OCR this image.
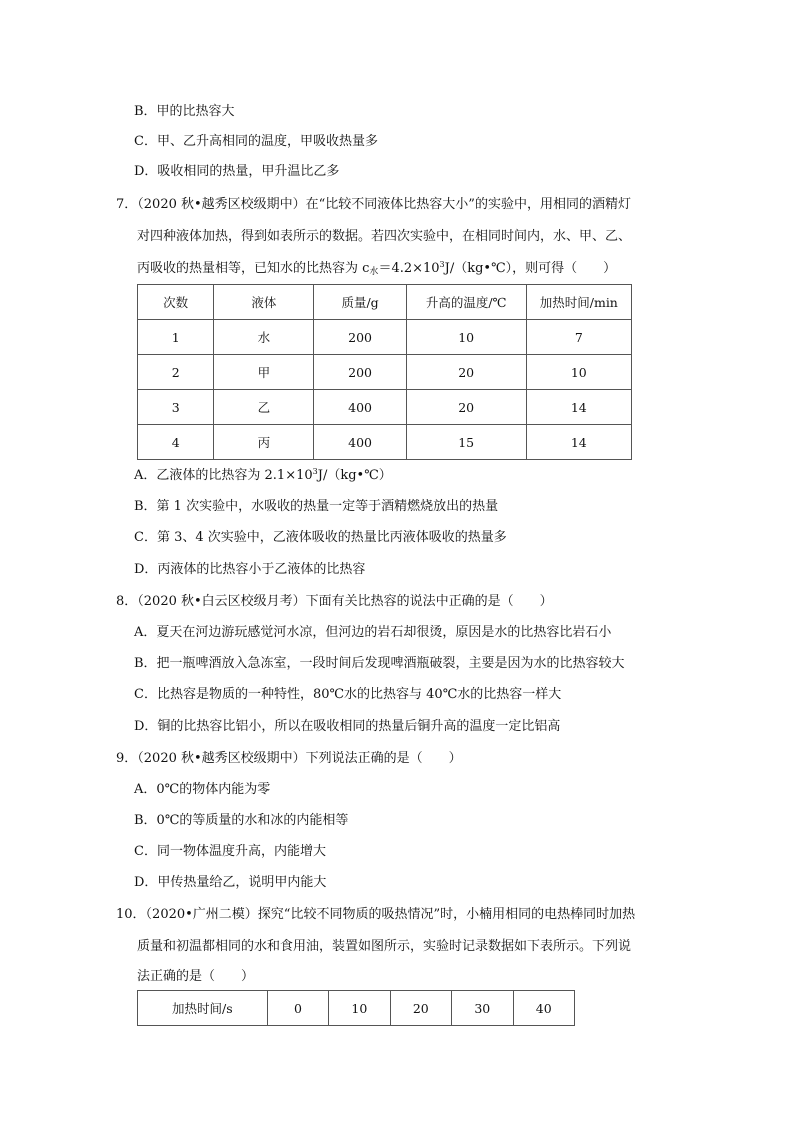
B．甲的比热容大
C．甲、乙升高相同的温度，甲吸收热量多
D．吸收相同的热量，甲升温比乙多
7．（2020 秋•越秀区校级期中）在“比较不同液体比热容大小”的实验中，用相同的酒精灯
对四种液体加热，得到如表所示的数据。若四次实验中，在相同时间内，水、甲、乙、
丙吸收的热量相等，已知水的比热容为 $c_水=4.2\times 10^3J/(kg•℃)$，则可得（　　）
次数	液体	质量/g	升高的温度/℃	加热时间/min
1	水	200	10	7
2	甲	200	20	10
3	乙	400	20	14
4	丙	400	15	14
A．乙液体的比热容为 $2.1\times 10^3J/(kg•℃)$
B．第 1 次实验中，水吸收的热量一定等于酒精燃烧放出的热量
C．第 3、4 次实验中，乙液体吸收的热量比丙液体吸收的热量多
D．丙液体的比热容小于乙液体的比热容
8．（2020 秋•白云区校级月考）下面有关比热容的说法中正确的是（　　）
A．夏天在河边游玩感觉河水凉，但河边的岩石却很烫，原因是水的比热容比岩石小
B．把一瓶啤酒放入急冻室，一段时间后发现啤酒瓶破裂，主要是因为水的比热容较大
C．比热容是物质的一种特性，80℃水的比热容与 40℃水的比热容一样大
D．铜的比热容比铝小，所以在吸收相同的热量后铜升高的温度一定比铝高
9．（2020 秋•越秀区校级期中）下列说法正确的是（　　）
A．0℃的物体内能为零
B．0℃的等质量的水和冰的内能相等
C．同一物体温度升高，内能增大
D．甲传热量给乙，说明甲内能大
10．（2020•广州二模）探究“比较不同物质的吸热情况”时，小楠用相同的电热棒同时加热
质量和初温都相同的水和食用油，装置如图所示，实验时记录数据如下表所示。下列说
法正确的是（　　）
加热时间/s	0	10	20	30	40
